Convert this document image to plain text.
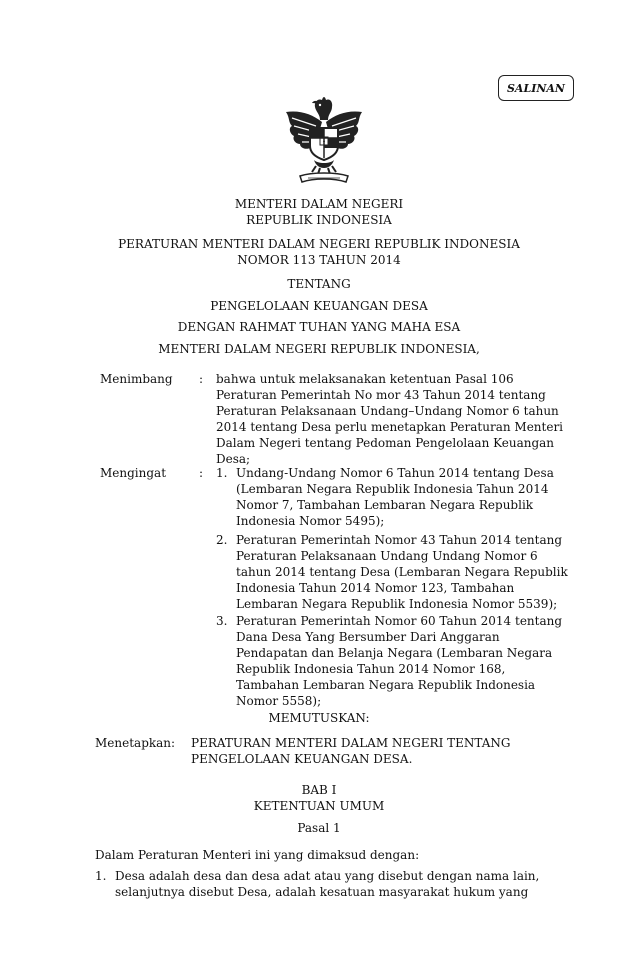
SALINAN
MENTERI DALAM NEGERI
REPUBLIK INDONESIA
PERATURAN MENTERI DALAM NEGERI REPUBLIK INDONESIA
NOMOR 113 TAHUN 2014
TENTANG
PENGELOLAAN KEUANGAN DESA
DENGAN RAHMAT TUHAN YANG MAHA ESA
MENTERI DALAM NEGERI REPUBLIK INDONESIA,
Menimbang : bahwa untuk melaksanakan ketentuan Pasal 106
Peraturan Pemerintah No mor 43 Tahun 2014 tentang
Peraturan Pelaksanaan Undang–Undang Nomor 6 tahun
2014 tentang Desa perlu menetapkan Peraturan Menteri
Dalam Negeri tentang Pedoman Pengelolaan Keuangan
Desa;
Mengingat	: 1. Undang-Undang Nomor 6 Tahun 2014 tentang Desa
(Lembaran Negara Republik Indonesia Tahun 2014
Nomor 7, Tambahan Lembaran Negara Republik
Indonesia Nomor 5495);
2. Peraturan Pemerintah Nomor 43 Tahun 2014 tentang
Peraturan Pelaksanaan Undang Undang Nomor 6
tahun 2014 tentang Desa (Lembaran Negara Republik
Indonesia Tahun 2014 Nomor 123, Tambahan
Lembaran Negara Republik Indonesia Nomor 5539);
3. Peraturan Pemerintah Nomor 60 Tahun 2014 tentang
Dana Desa Yang Bersumber Dari Anggaran
Pendapatan dan Belanja Negara (Lembaran Negara
Republik Indonesia Tahun 2014 Nomor 168,
Tambahan Lembaran Negara Republik Indonesia
Nomor 5558);
MEMUTUSKAN:
Menetapkan: PERATURAN MENTERI DALAM NEGERI TENTANG
PENGELOLAAN KEUANGAN DESA.
BAB I
KETENTUAN UMUM
Pasal 1
Dalam Peraturan Menteri ini yang dimaksud dengan:
1. Desa adalah desa dan desa adat atau yang disebut dengan nama lain,
selanjutnya disebut Desa, adalah kesatuan masyarakat hukum yang
